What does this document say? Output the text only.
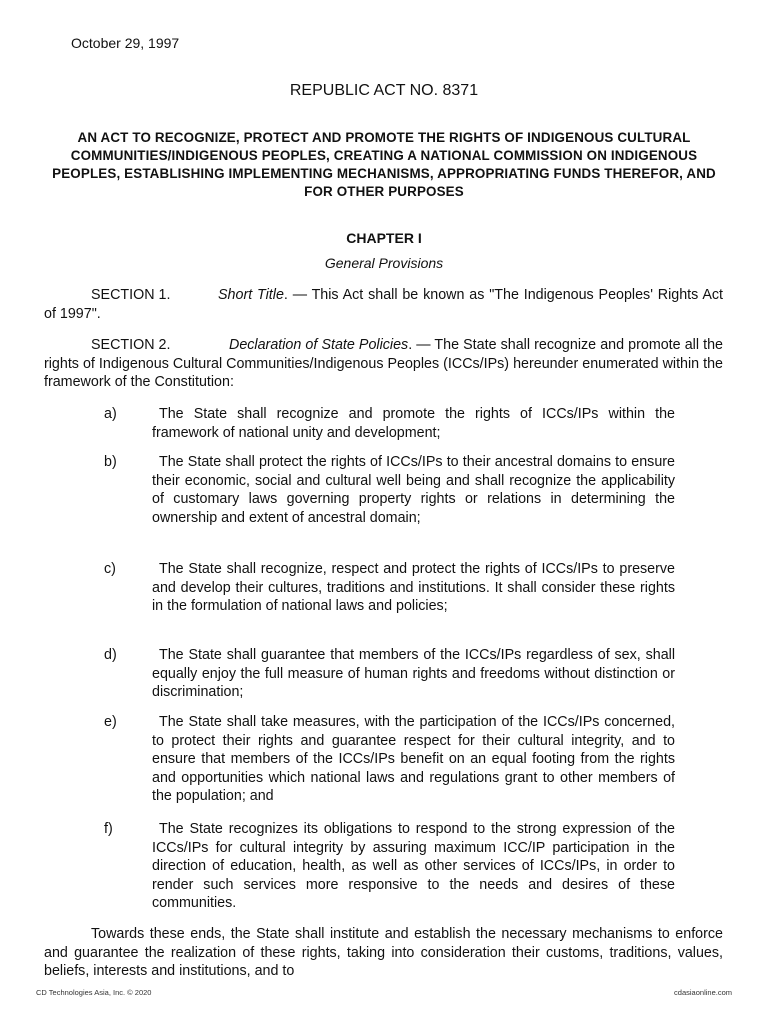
October 29, 1997
REPUBLIC ACT NO. 8371
AN ACT TO RECOGNIZE, PROTECT AND PROMOTE THE RIGHTS OF INDIGENOUS CULTURAL COMMUNITIES/INDIGENOUS PEOPLES, CREATING A NATIONAL COMMISSION ON INDIGENOUS PEOPLES, ESTABLISHING IMPLEMENTING MECHANISMS, APPROPRIATING FUNDS THEREFOR, AND FOR OTHER PURPOSES
CHAPTER I
General Provisions
SECTION 1.	Short Title. — This Act shall be known as "The Indigenous Peoples' Rights Act of 1997".
SECTION 2.	Declaration of State Policies. — The State shall recognize and promote all the rights of Indigenous Cultural Communities/Indigenous Peoples (ICCs/IPs) hereunder enumerated within the framework of the Constitution:
a)	The State shall recognize and promote the rights of ICCs/IPs within the framework of national unity and development;
b)	The State shall protect the rights of ICCs/IPs to their ancestral domains to ensure their economic, social and cultural well being and shall recognize the applicability of customary laws governing property rights or relations in determining the ownership and extent of ancestral domain;
c)	The State shall recognize, respect and protect the rights of ICCs/IPs to preserve and develop their cultures, traditions and institutions. It shall consider these rights in the formulation of national laws and policies;
d)	The State shall guarantee that members of the ICCs/IPs regardless of sex, shall equally enjoy the full measure of human rights and freedoms without distinction or discrimination;
e)	The State shall take measures, with the participation of the ICCs/IPs concerned, to protect their rights and guarantee respect for their cultural integrity, and to ensure that members of the ICCs/IPs benefit on an equal footing from the rights and opportunities which national laws and regulations grant to other members of the population; and
f)	The State recognizes its obligations to respond to the strong expression of the ICCs/IPs for cultural integrity by assuring maximum ICC/IP participation in the direction of education, health, as well as other services of ICCs/IPs, in order to render such services more responsive to the needs and desires of these communities.
Towards these ends, the State shall institute and establish the necessary mechanisms to enforce and guarantee the realization of these rights, taking into consideration their customs, traditions, values, beliefs, interests and institutions, and to
CD Technologies Asia, Inc. © 2020	cdasiaonline.com
